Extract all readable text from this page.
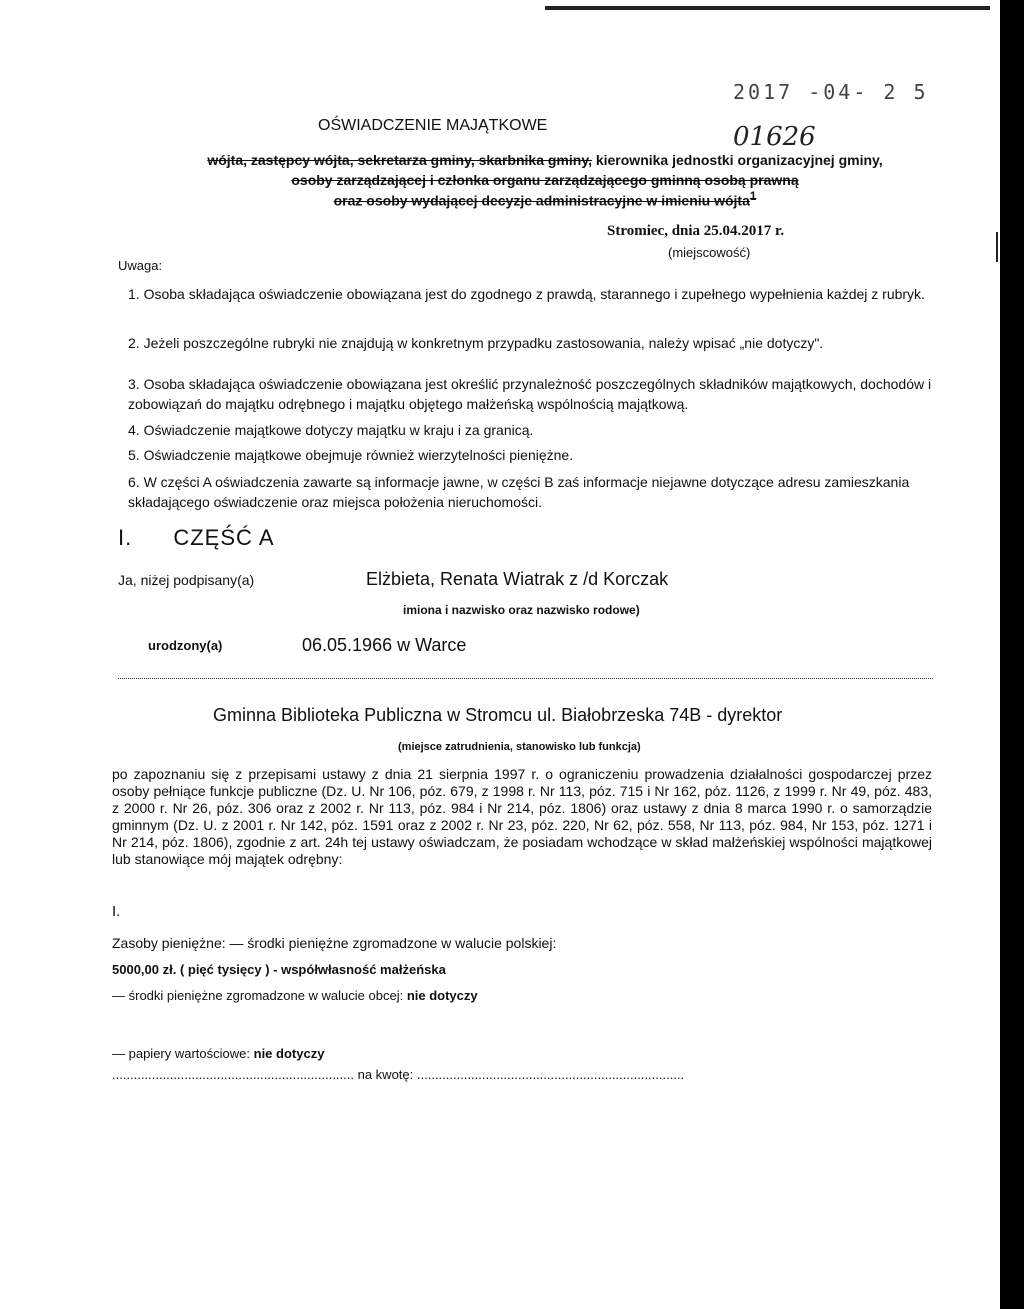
2017 -04- 2 5
01626
OŚWIADCZENIE MAJĄTKOWE
wójta, zastępcy wójta, sekretarza gminy, skarbnika gminy, kierownika jednostki organizacyjnej gminy,
osoby zarządzającej i członka organu zarządzającego gminną osobą prawną
oraz osoby wydającej decyzje administracyjne w imieniu wójta$^1$
Stromiec, dnia 25.04.2017 r.
(miejscowość)
Uwaga:
1. Osoba składająca oświadczenie obowiązana jest do zgodnego z prawdą, starannego i zupełnego wypełnienia każdej z rubryk.
2. Jeżeli poszczególne rubryki nie znajdują w konkretnym przypadku zastosowania, należy wpisać „nie dotyczy".
3. Osoba składająca oświadczenie obowiązana jest określić przynależność poszczególnych składników majątkowych, dochodów i zobowiązań do majątku odrębnego i majątku objętego małżeńską wspólnością majątkową.
4. Oświadczenie majątkowe dotyczy majątku w kraju i za granicą.
5. Oświadczenie majątkowe obejmuje również wierzytelności pieniężne.
6. W części A oświadczenia zawarte są informacje jawne, w części B zaś informacje niejawne dotyczące adresu zamieszkania składającego oświadczenie oraz miejsca położenia nieruchomości.
I. CZĘŚĆ A
Ja, niżej podpisany(a)	Elżbieta, Renata Wiatrak z /d Korczak
imiona i nazwisko oraz nazwisko rodowe)
urodzony(a)	06.05.1966 w Warce
Gminna Biblioteka Publiczna w Stromcu ul. Białobrzeska 74B - dyrektor
(miejsce zatrudnienia, stanowisko lub funkcja)
po zapoznaniu się z przepisami ustawy z dnia 21 sierpnia 1997 r. o ograniczeniu prowadzenia działalności gospodarczej przez osoby pełniące funkcje publiczne (Dz. U. Nr 106, póz. 679, z 1998 r. Nr 113, póz. 715 i Nr 162, póz. 1126, z 1999 r. Nr 49, póz. 483, z 2000 r. Nr 26, póz. 306 oraz z 2002 r. Nr 113, póz. 984 i Nr 214, póz. 1806) oraz ustawy z dnia 8 marca 1990 r. o samorządzie gminnym (Dz. U. z 2001 r. Nr 142, póz. 1591 oraz z 2002 r. Nr 23, póz. 220, Nr 62, póz. 558, Nr 113, póz. 984, Nr 153, póz. 1271 i Nr 214, póz. 1806), zgodnie z art. 24h tej ustawy oświadczam, że posiadam wchodzące w skład małżeńskiej wspólności majątkowej lub stanowiące mój majątek odrębny:
I.
Zasoby pieniężne: — środki pieniężne zgromadzone w walucie polskiej:
5000,00 zł. ( pięć tysięcy ) - współwłasność małżeńska
— środki pieniężne zgromadzone w walucie obcej: nie dotyczy
— papiery wartościowe: nie dotyczy
................................................................... na kwotę: ..........................................................................
